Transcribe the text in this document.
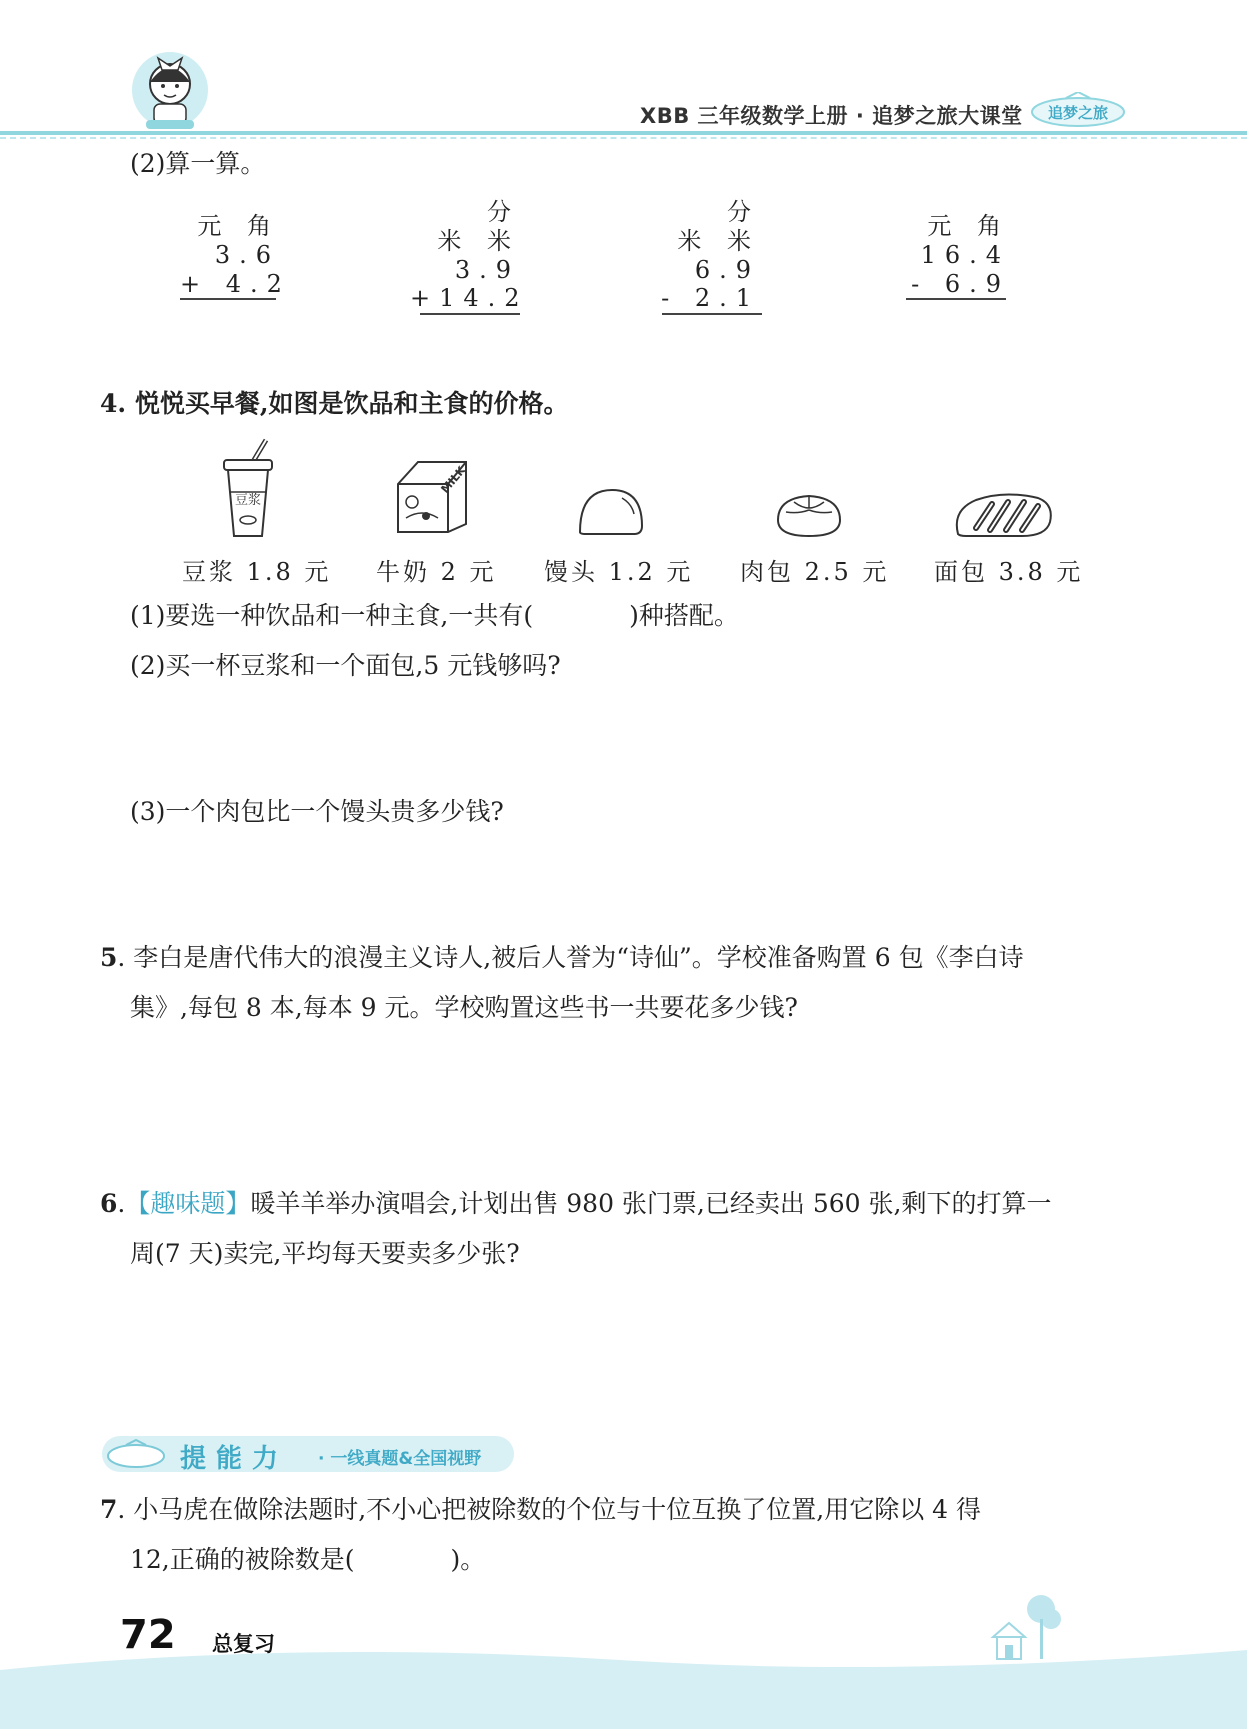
XBB 三年级数学上册 · 追梦之旅大课堂 追梦之旅
(2)算一算。
元 角
3.6
+ 4.2
分
米 米
3.9
+14.2
分
米 米
6.9
- 2.1
元 角
16.4
- 6.9
4. 悦悦买早餐,如图是饮品和主食的价格。
豆浆
MILK
豆浆 1.8 元 牛奶 2 元 馒头 1.2 元 肉包 2.5 元 面包 3.8 元
(1)要选一种饮品和一种主食,一共有(	)种搭配。
(2)买一杯豆浆和一个面包,5 元钱够吗?
(3)一个肉包比一个馒头贵多少钱?
5. 李白是唐代伟大的浪漫主义诗人,被后人誉为“诗仙”。学校准备购置 6 包《李白诗
集》,每包 8 本,每本 9 元。学校购置这些书一共要花多少钱?
6.【趣味题】暖羊羊举办演唱会,计划出售 980 张门票,已经卖出 560 张,剩下的打算一
周(7 天)卖完,平均每天要卖多少张?
提能力 · 一线真题&全国视野
7. 小马虎在做除法题时,不小心把被除数的个位与十位互换了位置,用它除以 4 得
12,正确的被除数是(	)。
72 总复习
